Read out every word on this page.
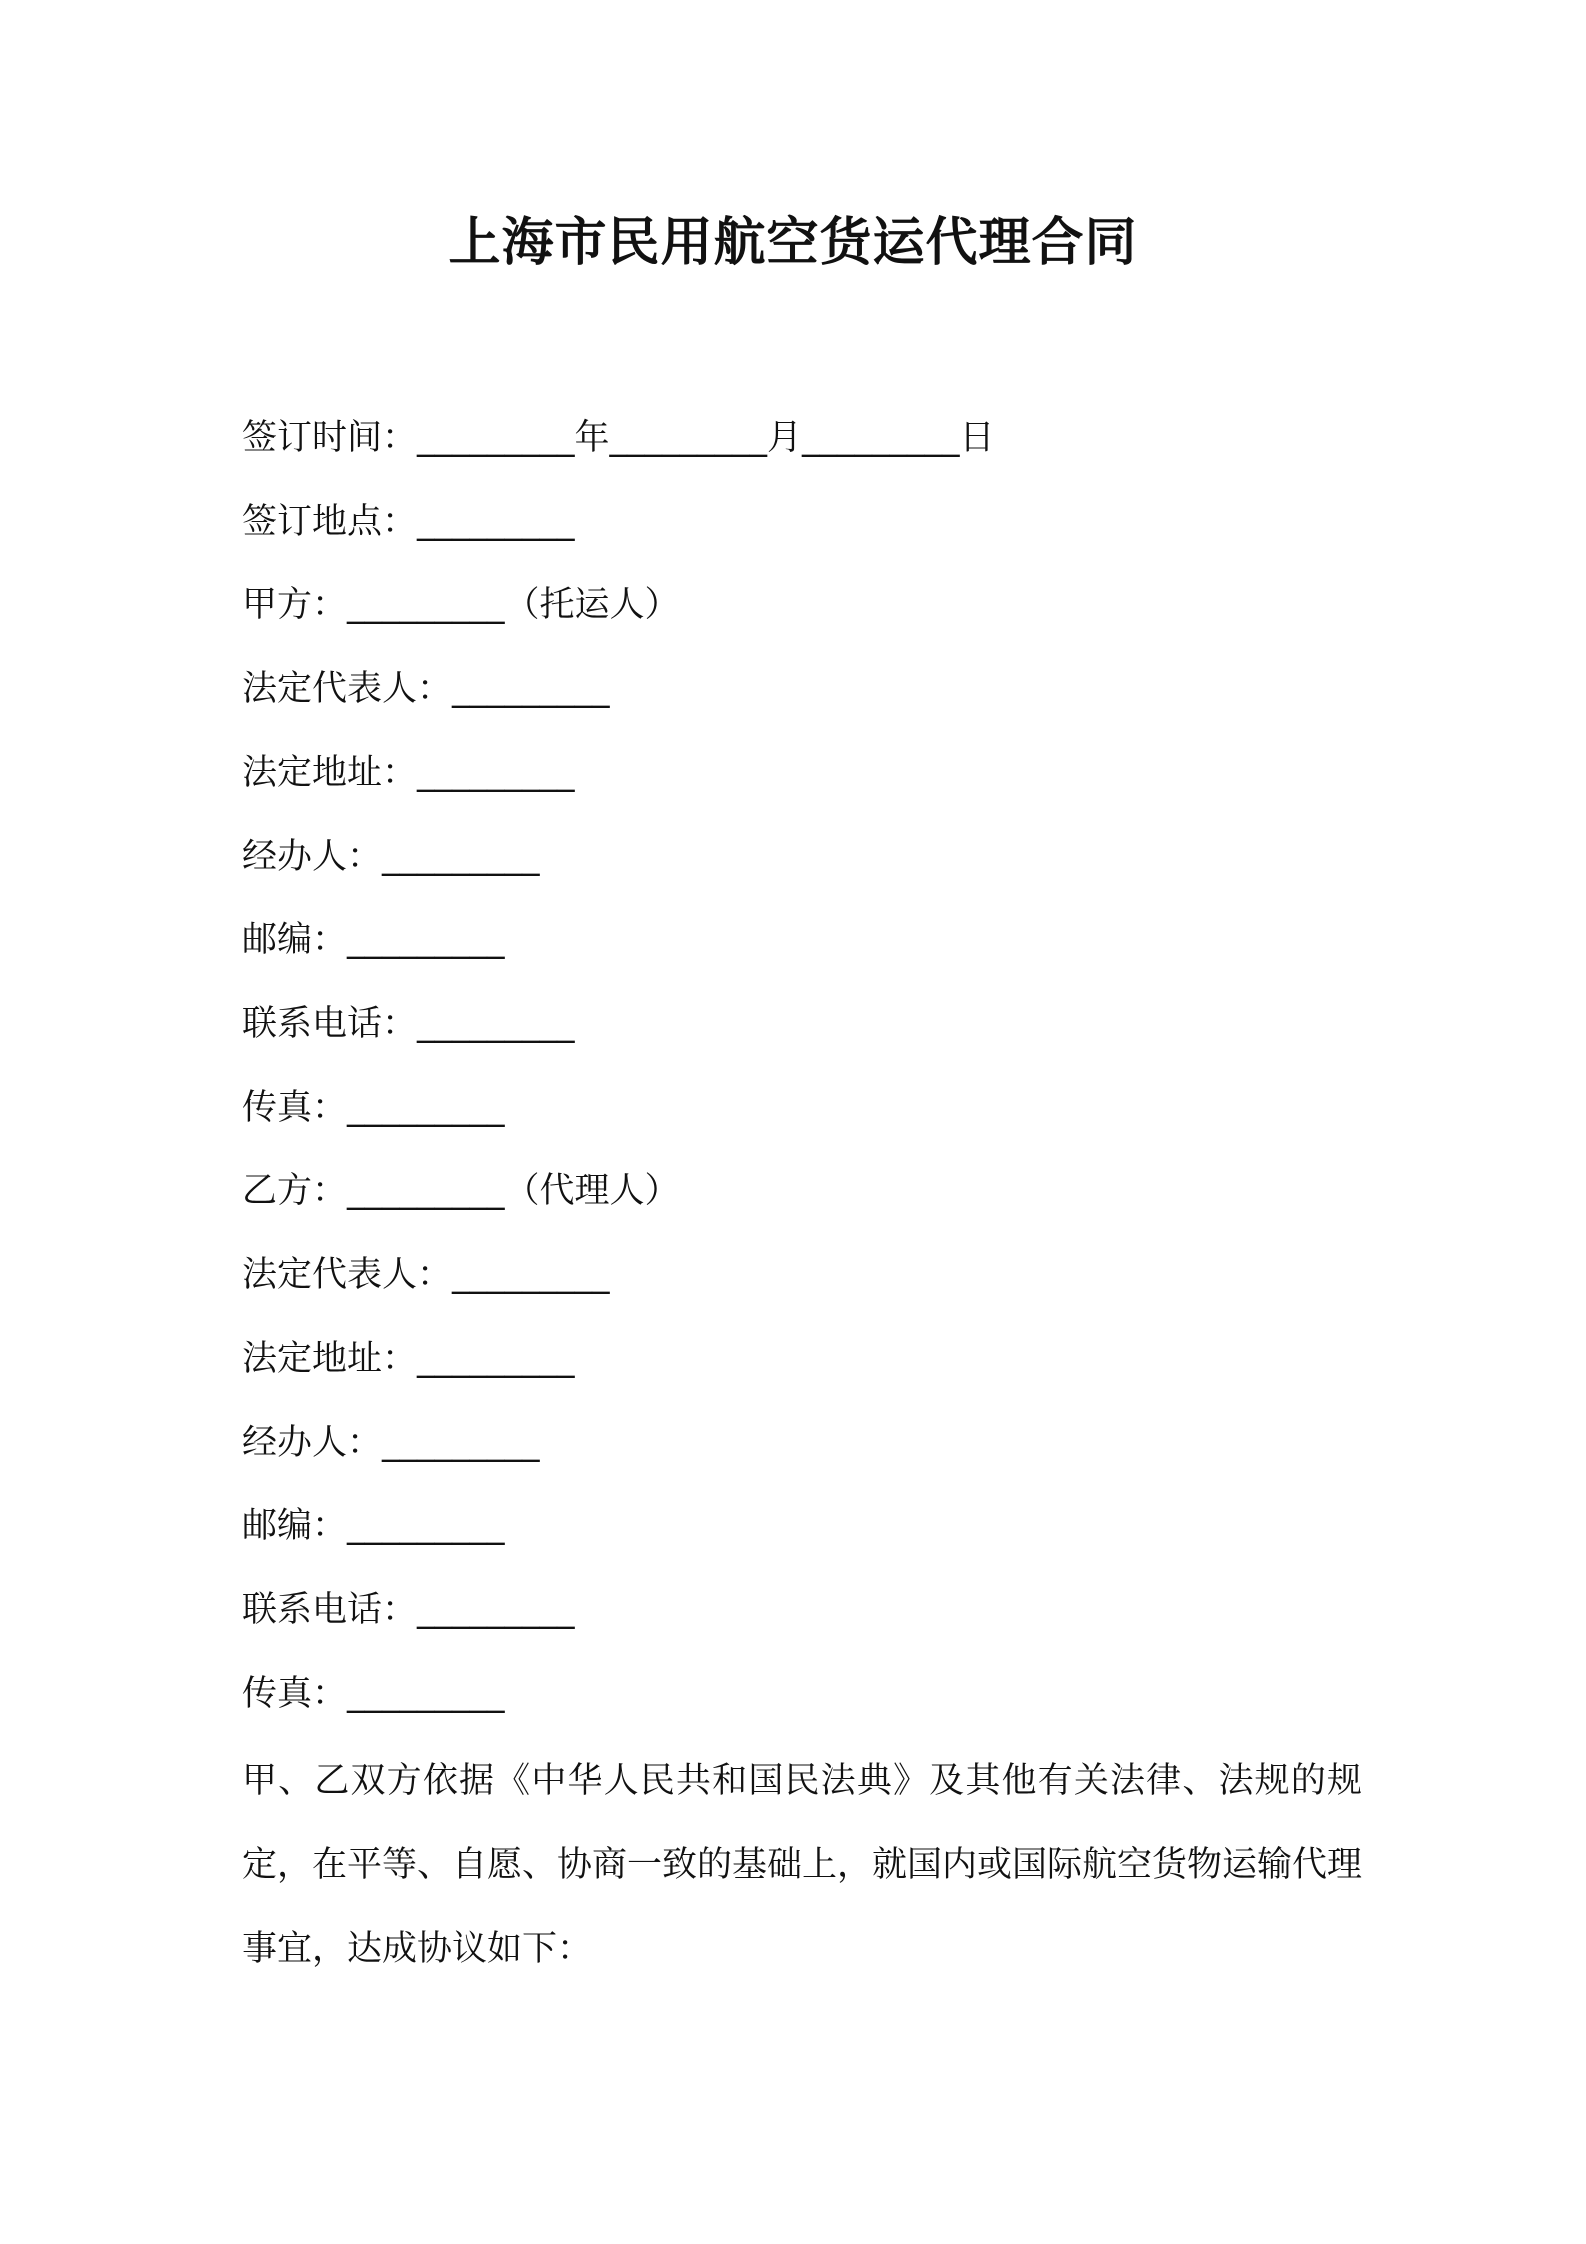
上海市民用航空货运代理合同
签订时间：_________年_________月_________日
签订地点：_________
甲方：_________（托运人）
法定代表人：_________
法定地址：_________
经办人：_________
邮编：_________
联系电话：_________
传真：_________
乙方：_________（代理人）
法定代表人：_________
法定地址：_________
经办人：_________
邮编：_________
联系电话：_________
传真：_________

甲、乙双方依据《中华人民共和国民法典》及其他有关法律、法规的规定，在平等、自愿、协商一致的基础上，就国内或国际航空货物运输代理事宜，达成协议如下：
